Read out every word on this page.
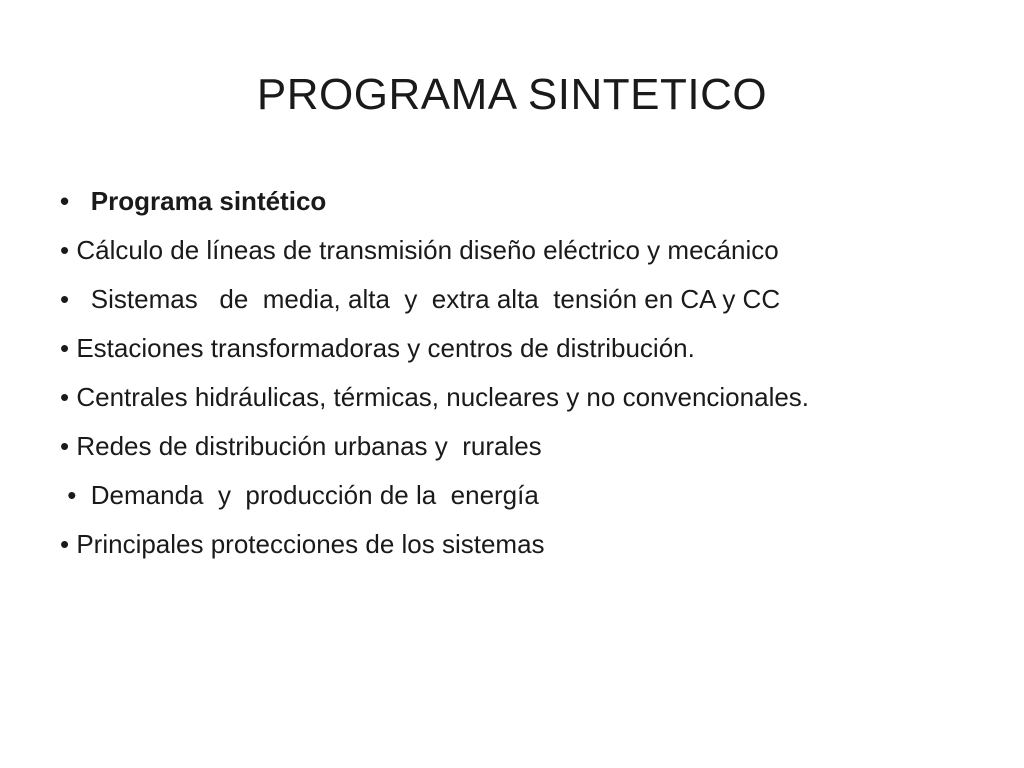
PROGRAMA SINTETICO
•   Programa sintético
• Cálculo de líneas de transmisión diseño eléctrico y mecánico
•   Sistemas   de  media, alta  y  extra alta  tensión en CA y CC
• Estaciones transformadoras y centros de distribución.
• Centrales hidráulicas, térmicas, nucleares y no convencionales.
• Redes de distribución urbanas y  rurales
•  Demanda  y  producción de la  energía
• Principales protecciones de los sistemas
